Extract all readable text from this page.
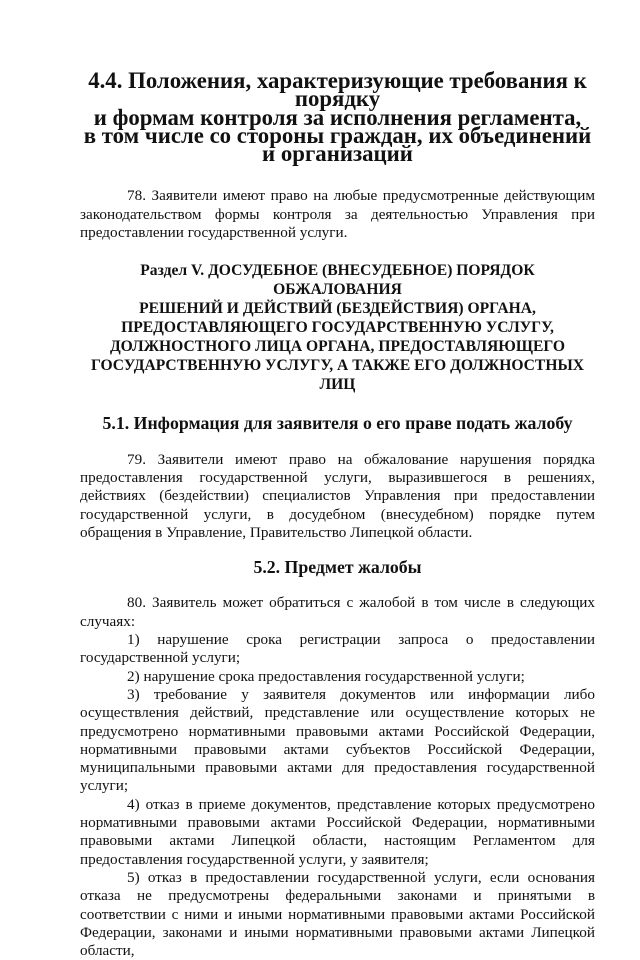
4.4. Положения, характеризующие требования к порядку
и формам контроля за исполнения регламента,
в том числе со стороны граждан, их объединений и организаций

78. Заявители имеют право на любые предусмотренные действующим законодательством формы контроля за деятельностью Управления при предоставлении государственной услуги.

Раздел V. ДОСУДЕБНОЕ (ВНЕСУДЕБНОЕ) ПОРЯДОК ОБЖАЛОВАНИЯ
РЕШЕНИЙ И ДЕЙСТВИЙ (БЕЗДЕЙСТВИЯ) ОРГАНА,
ПРЕДОСТАВЛЯЮЩЕГО ГОСУДАРСТВЕННУЮ УСЛУГУ,
ДОЛЖНОСТНОГО ЛИЦА ОРГАНА, ПРЕДОСТАВЛЯЮЩЕГО
ГОСУДАРСТВЕННУЮ УСЛУГУ, А ТАКЖЕ ЕГО ДОЛЖНОСТНЫХ
ЛИЦ
5.1. Информация для заявителя о его праве подать жалобу

79. Заявители имеют право на обжалование нарушения порядка предоставления государственной услуги, выразившегося в решениях, действиях (бездействии) специалистов Управления при предоставлении государственной услуги, в досудебном (внесудебном) порядке путем обращения в Управление, Правительство Липецкой области.

5.2. Предмет жалобы

80. Заявитель может обратиться с жалобой в том числе в следующих случаях:

1) нарушение срока регистрации запроса о предоставлении государственной услуги;

2) нарушение срока предоставления государственной услуги;

3) требование у заявителя документов или информации либо осуществления действий, представление или осуществление которых не предусмотрено нормативными правовыми актами Российской Федерации, нормативными правовыми актами субъектов Российской Федерации, муниципальными правовыми актами для предоставления государственной услуги;

4) отказ в приеме документов, представление которых предусмотрено нормативными правовыми актами Российской Федерации, нормативными правовыми актами Липецкой области, настоящим Регламентом для предоставления государственной услуги, у заявителя;

5) отказ в предоставлении государственной услуги, если основания отказа не предусмотрены федеральными законами и принятыми в соответствии с ними и иными нормативными правовыми актами Российской Федерации, законами и иными нормативными правовыми актами Липецкой области,
